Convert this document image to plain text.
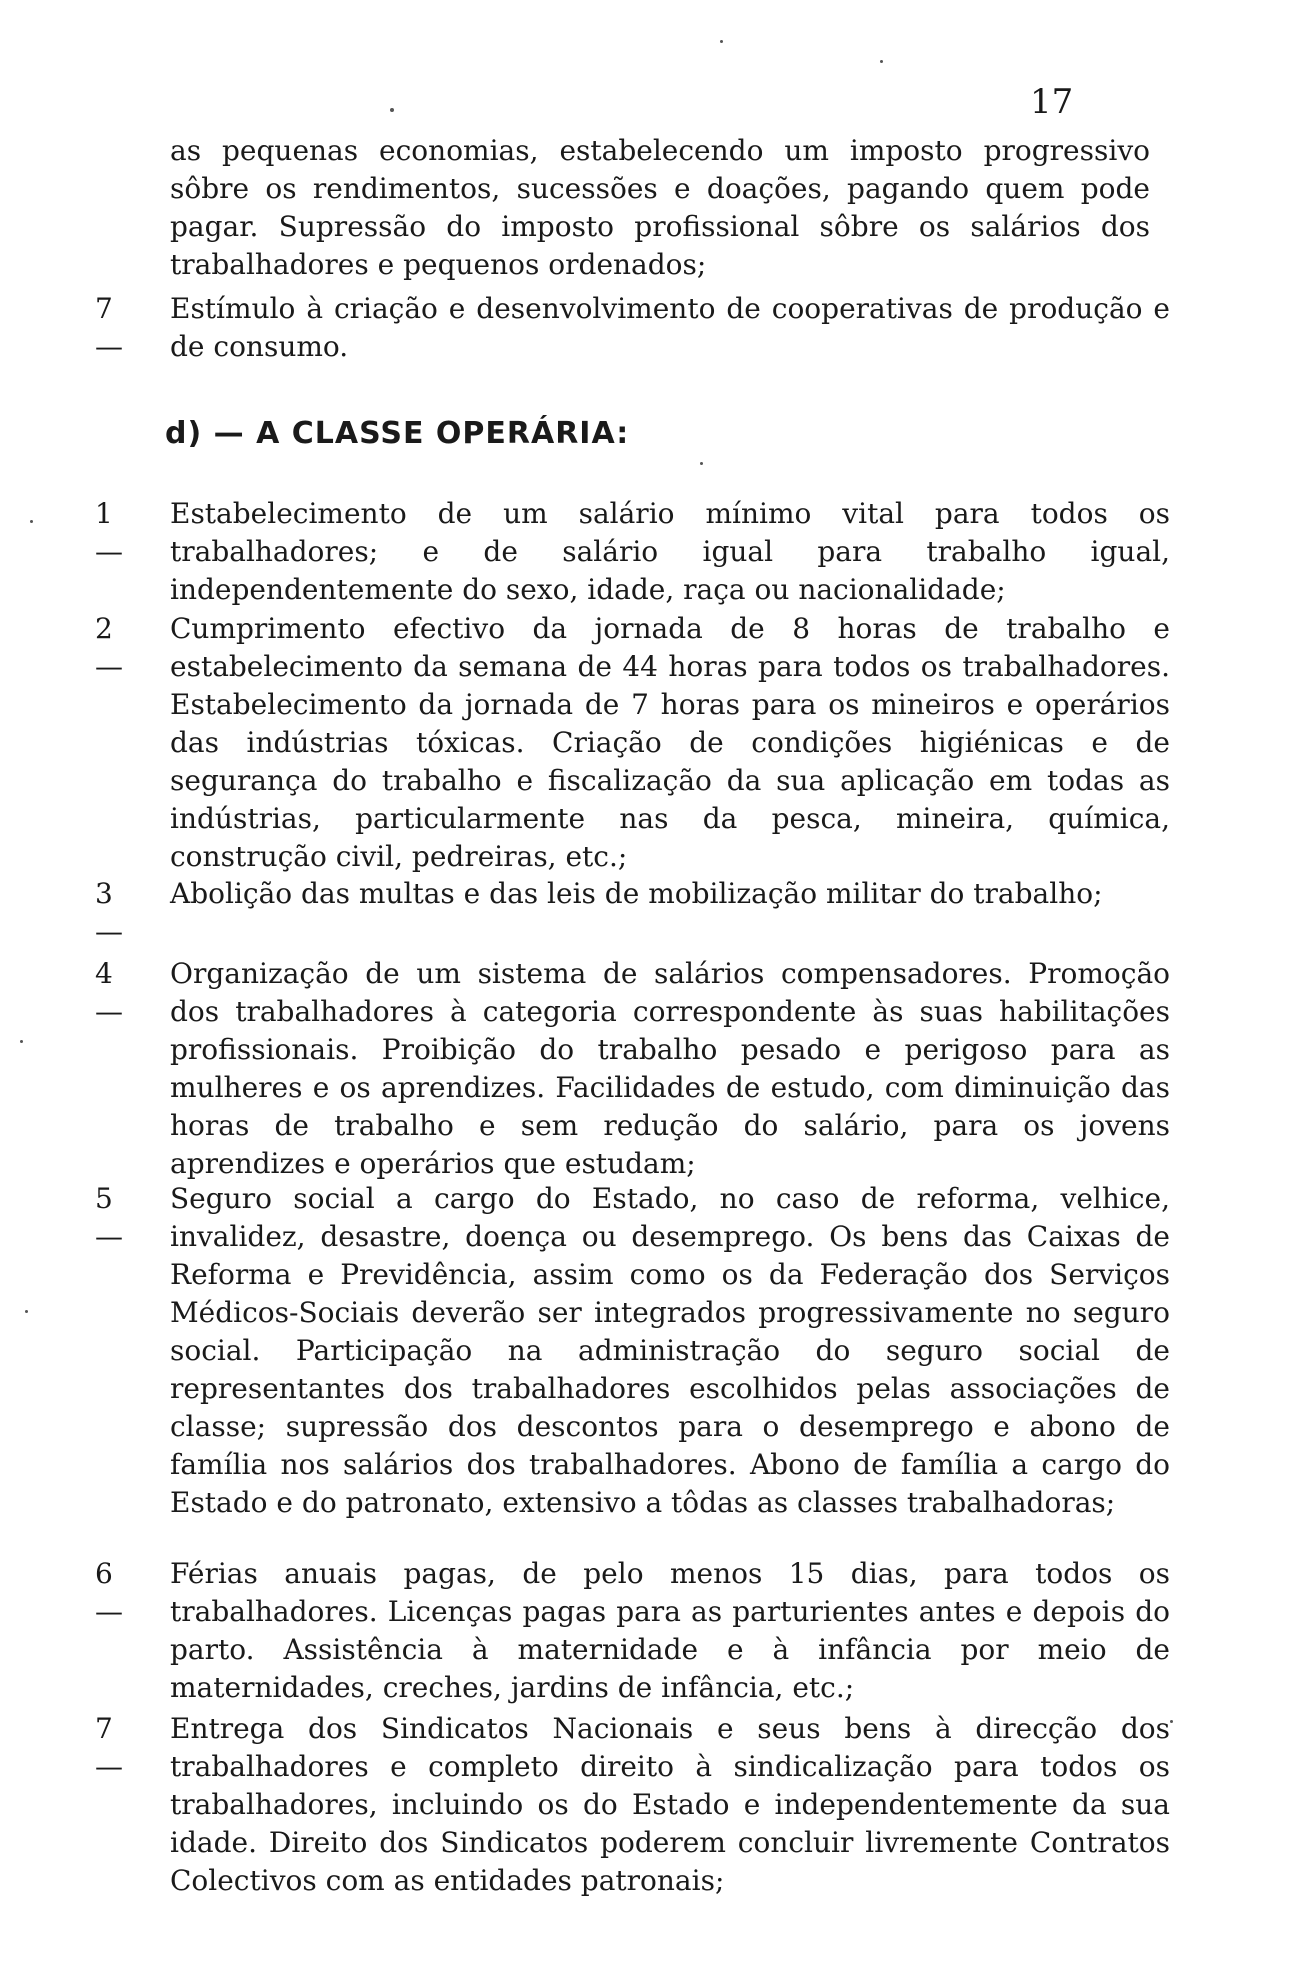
17
as pequenas economias, estabelecendo um imposto progressivo sôbre os rendimentos, sucessões e doações, pagando quem pode pagar. Supressão do imposto profissional sôbre os salários dos trabalhadores e pequenos ordenados;
7 —
Estímulo à criação e desenvolvimento de cooperativas de produção e de consumo.
d) — A CLASSE OPERÁRIA:
1 —
Estabelecimento de um salário mínimo vital para todos os trabalhadores; e de salário igual para trabalho igual, independentemente do sexo, idade, raça ou nacionalidade;
2 —
Cumprimento efectivo da jornada de 8 horas de trabalho e estabelecimento da semana de 44 horas para todos os trabalhadores. Estabelecimento da jornada de 7 horas para os mineiros e operários das indústrias tóxicas. Criação de condições higiénicas e de segurança do trabalho e fiscalização da sua aplicação em todas as indústrias, particularmente nas da pesca, mineira, química, construção civil, pedreiras, etc.;
3 —
Abolição das multas e das leis de mobilização militar do trabalho;
4 —
Organização de um sistema de salários compensadores. Promoção dos trabalhadores à categoria correspondente às suas habilitações profissionais. Proibição do trabalho pesado e perigoso para as mulheres e os aprendizes. Facilidades de estudo, com diminuição das horas de trabalho e sem redução do salário, para os jovens aprendizes e operários que estudam;
5 —
Seguro social a cargo do Estado, no caso de reforma, velhice, invalidez, desastre, doença ou desemprego. Os bens das Caixas de Reforma e Previdência, assim como os da Federação dos Serviços Médicos-Sociais deverão ser integrados progressivamente no seguro social. Participação na administração do seguro social de representantes dos trabalhadores escolhidos pelas associações de classe; supressão dos descontos para o desemprego e abono de família nos salários dos trabalhadores. Abono de família a cargo do Estado e do patronato, extensivo a tôdas as classes trabalhadoras;
6 —
Férias anuais pagas, de pelo menos 15 dias, para todos os trabalhadores. Licenças pagas para as parturientes antes e depois do parto. Assistência à maternidade e à infância por meio de maternidades, creches, jardins de infância, etc.;
7 —
Entrega dos Sindicatos Nacionais e seus bens à direcção dos trabalhadores e completo direito à sindicalização para todos os trabalhadores, incluindo os do Estado e independentemente da sua idade. Direito dos Sindicatos poderem concluir livremente Contratos Colectivos com as entidades patronais;
